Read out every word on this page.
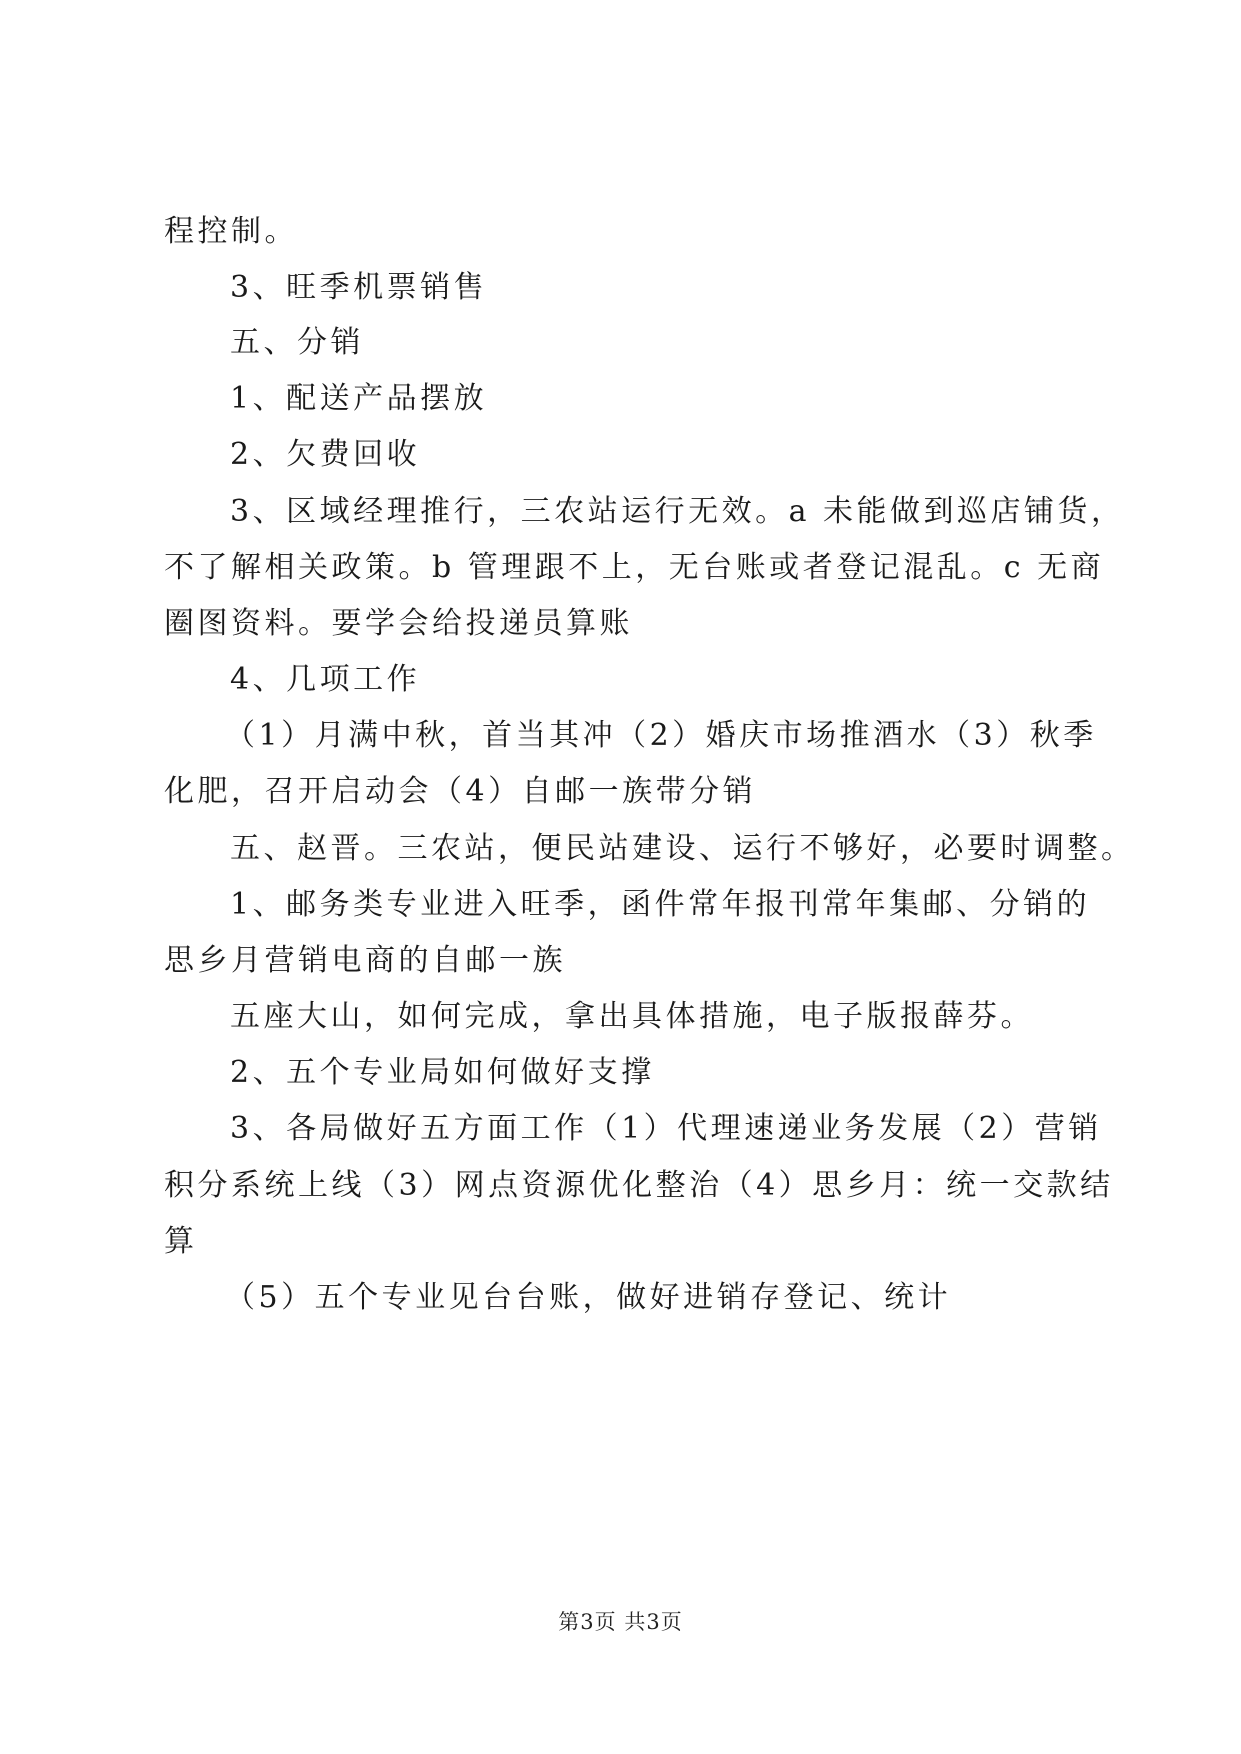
程控制。
3、旺季机票销售
五、分销
1、配送产品摆放
2、欠费回收
3、区域经理推行，三农站运行无效。a 未能做到巡店铺货，
不了解相关政策。b 管理跟不上，无台账或者登记混乱。c 无商
圈图资料。要学会给投递员算账
4、几项工作
（1）月满中秋，首当其冲（2）婚庆市场推酒水（3）秋季
化肥，召开启动会（4）自邮一族带分销
五、赵晋。三农站，便民站建设、运行不够好，必要时调整。
1、邮务类专业进入旺季，函件常年报刊常年集邮、分销的
思乡月营销电商的自邮一族
五座大山，如何完成，拿出具体措施，电子版报薛芬。
2、五个专业局如何做好支撑
3、各局做好五方面工作（1）代理速递业务发展（2）营销
积分系统上线（3）网点资源优化整治（4）思乡月：统一交款结
算
（5）五个专业见台台账，做好进销存登记、统计
第3页 共3页
